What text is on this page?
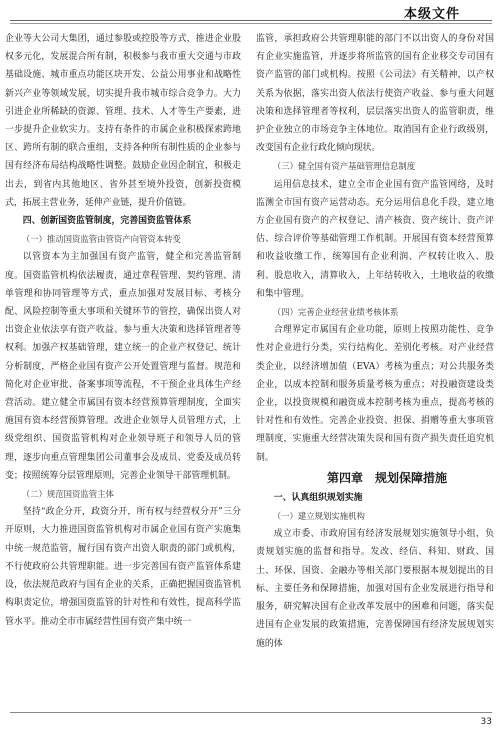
本级文件

企业等大公司大集团，通过参股或控股等方式，推进企业股权多元化，发展混合所有制，积极参与我市重大交通与市政基础设施、城市重点功能区块开发、公益公用事业和战略性新兴产业等领域发展，切实提升我市城市综合竞争力。大力引进企业所稀缺的资源、管理、技术、人才等生产要素，进一步提升企业软实力。支持有条件的市属企业积极探索跨地区、跨所有制的联合重组，支持各种所有制性质的企业参与国有经济布局结构战略性调整。鼓励企业因企制宜，积极走出去，到省内其他地区、省外甚至境外投资，创新投资模式，拓展主营业务，延伸产业链，提升价值链。

四、创新国资监管制度，完善国资监管体系

（一）推动国资监管由管资产向管资本转变

以管资本为主加强国有资产监管，健全和完善监管制度。国资监管机构依法履责，通过章程管理、契约管理、清单管理和协同管理等方式，重点加强对发展目标、考核分配、风险控制等重大事项和关键环节的管控，确保出资人对出资企业依法享有资产收益、参与重大决策和选择管理者等权利。加强产权基础管理，建立统一的企业产权登记、统计分析制度，严格企业国有资产公开处置管理与监督。规范和简化对企业审批、备案事项等流程，不干预企业具体生产经营活动。建立健全市属国有资本经营预算管理制度，全面实施国有资本经营预算管理。改进企业领导人员管理方式，上级党组织、国资监管机构对企业领导班子和领导人员的管理，逐步向重点管理集团公司董事会及成员、党委及成员转变；按照统筹分层管理原则，完善企业领导干部管理机制。

（二）规范国资监管主体

坚持“政企分开，政资分开，所有权与经营权分开”三分开原则，大力推进国资监管机构对市属企业国有资产实施集中统一规范监管，履行国有资产出资人职责的部门或机构，不行使政府公共管理职能。进一步完善国有资产监管体系建设，依法规范政府与国有企业的关系，正确把握国资监管机构职责定位，增强国资监管的针对性和有效性，提高科学监管水平。推动全市市属经营性国有资产集中统一

监管，承担政府公共管理职能的部门不以出资人的身份对国有企业实施监管，并逐步将所监管的国有企业移交专司国有资产监管的部门或机构。按照《公司法》有关精神，以产权关系为依据，落实出资人依法行使资产收益、参与重大问题决策和选择管理者等权利，层层落实出资人的监管职责，维护企业独立的市场竞争主体地位。取消国有企业行政级别，改变国有企业行政化倾向现状。

（三）健全国有资产基础管理信息制度

运用信息技术，建立全市企业国有资产监管网络，及时监测全市国有资产运营动态。充分运用信息化手段，建立地方企业国有资产的产权登记、清产核资、资产统计、资产评估、综合评价等基础管理工作机制。开展国有资本经营预算和收益收缴工作，统筹国有企业利润、产权转让收入、股利、股息收入，清算收入，上年结转收入，土地收益的收缴和集中管理。

（四）完善企业经营业绩考核体系

合理界定市属国有企业功能，原则上按照功能性、竞争性对企业进行分类，实行结构化、差别化考核。对产业经营类企业，以经济增加值（EVA）考核为重点；对公共服务类企业，以成本控制和服务质量考核为重点；对投融资建设类企业，以投资规模和融资成本控制考核为重点，提高考核的针对性和有效性。完善企业投资、担保、捐赠等重大事项管理制度，实施重大经营决策失误和国有资产损失责任追究机制。

第四章　规划保障措施

一、认真组织规划实施

（一）建立规划实施机构

成立市委、市政府国有经济发展规划实施领导小组，负责规划实施的监督和指导。发改、经信、科知、财政、国土、环保、国资、金融办等相关部门要根据本规划提出的目标、主要任务和保障措施，加强对国有企业发展进行指导和服务，研究解决国有企业改革发展中的困难和问题，落实促进国有企业发展的政策措施，完善保障国有经济发展规划实施的体

33
